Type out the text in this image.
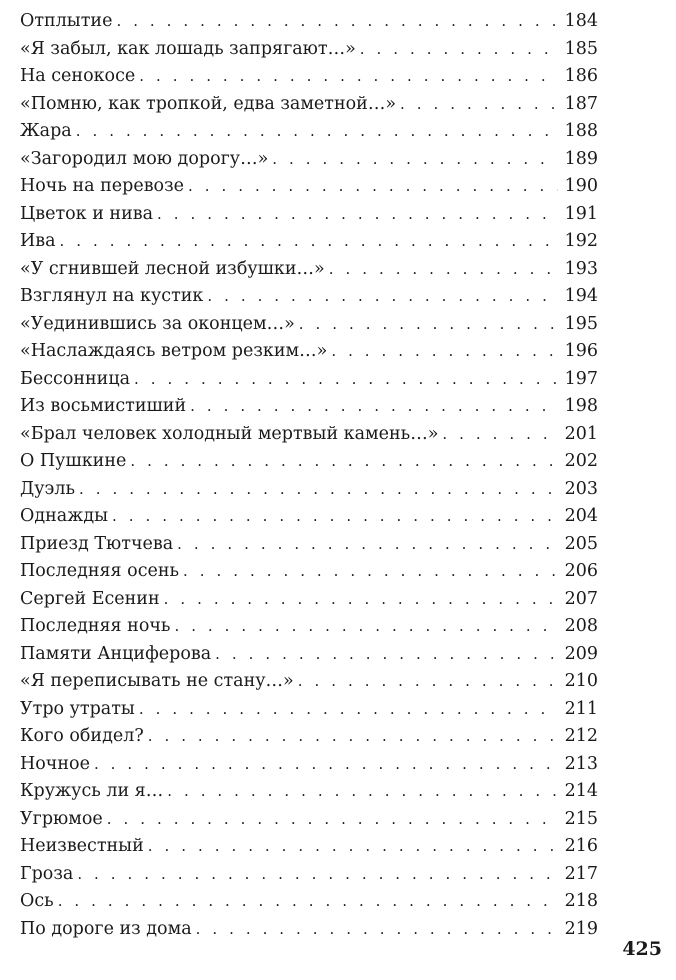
Отплытие . . .	184
«Я забыл, как лошадь запрягают…» . . .	185
На сенокосе . . .	186
«Помню, как тропкой, едва заметной…» . . .	187
Жара . . .	188
«Загородил мою дорогу…» . . .	189
Ночь на перевозе . . .	190
Цветок и нива . . .	191
Ива . . .	192
«У сгнившей лесной избушки…» . . .	193
Взглянул на кустик . . .	194
«Уединившись за оконцем…» . . .	195
«Наслаждаясь ветром резким…» . . .	196
Бессонница . . .	197
Из восьмистиший . . .	198
«Брал человек холодный мертвый камень…» . . .	201
О Пушкине . . .	202
Дуэль . . .	203
Однажды . . .	204
Приезд Тютчева . . .	205
Последняя осень . . .	206
Сергей Есенин . . .	207
Последняя ночь . . .	208
Памяти Анциферова . . .	209
«Я переписывать не стану…» . . .	210
Утро утраты . . .	211
Кого обидел? . . .	212
Ночное . . .	213
Кружусь ли я… . . .	214
Угрюмое . . .	215
Неизвестный . . .	216
Гроза . . .	217
Ось . . .	218
По дороге из дома . . .	219
425
